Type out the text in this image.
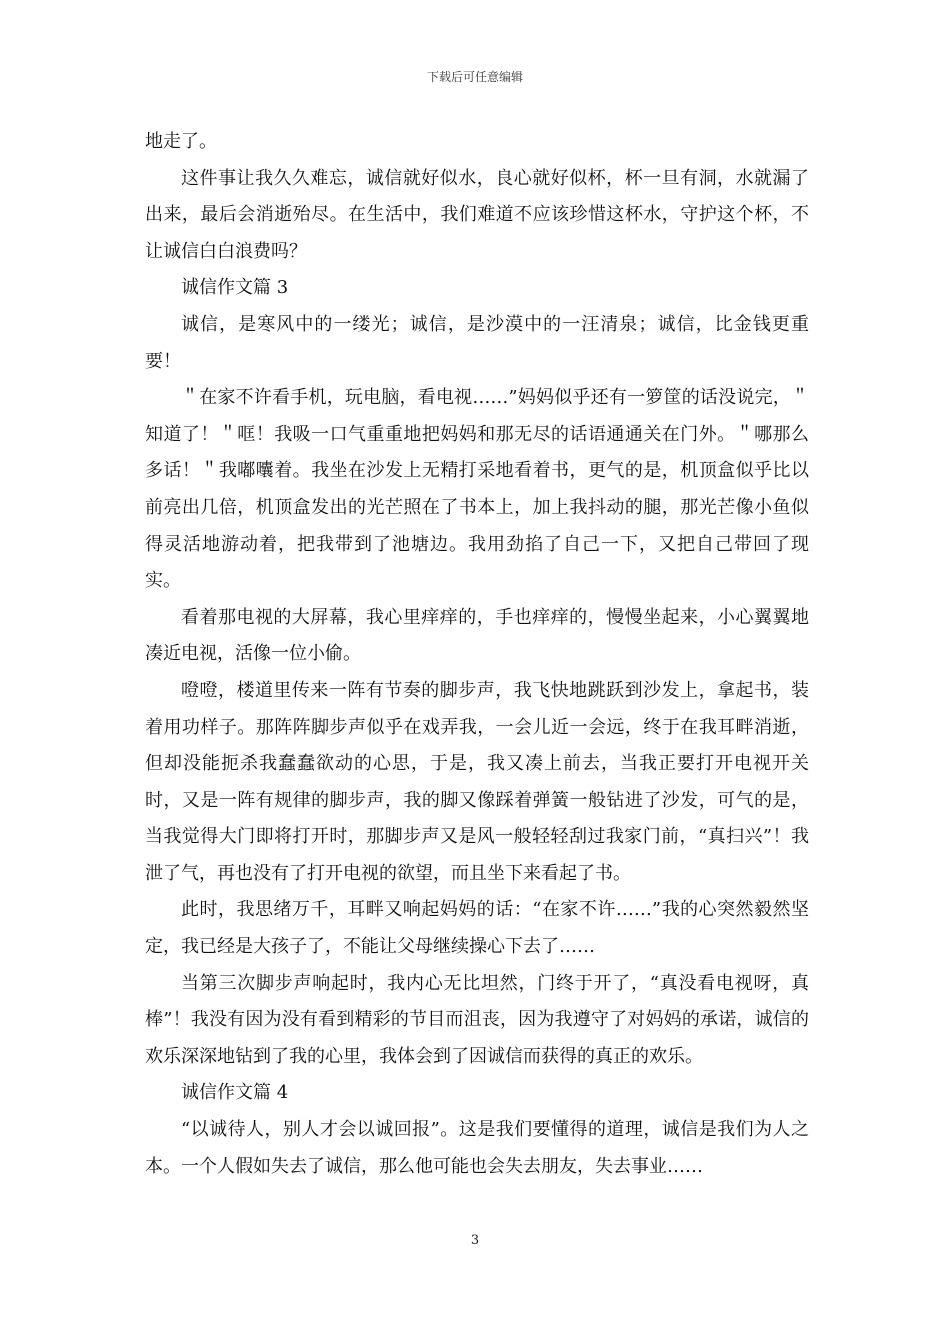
下载后可任意编辑

地走了。

这件事让我久久难忘，诚信就好似水，良心就好似杯，杯一旦有洞，水就漏了出来，最后会消逝殆尽。在生活中，我们难道不应该珍惜这杯水，守护这个杯，不让诚信白白浪费吗？

诚信作文篇 3

诚信，是寒风中的一缕光；诚信，是沙漠中的一汪清泉；诚信，比金钱更重要！

＂在家不许看手机，玩电脑，看电视……”妈妈似乎还有一箩筐的话没说完，＂知道了！＂哐！我吸一口气重重地把妈妈和那无尽的话语通通关在门外。＂哪那么多话！＂我嘟囔着。我坐在沙发上无精打采地看着书，更气的是，机顶盒似乎比以前亮出几倍，机顶盒发出的光芒照在了书本上，加上我抖动的腿，那光芒像小鱼似得灵活地游动着，把我带到了池塘边。我用劲掐了自己一下，又把自己带回了现实。

看着那电视的大屏幕，我心里痒痒的，手也痒痒的，慢慢坐起来，小心翼翼地凑近电视，活像一位小偷。

噔噔，楼道里传来一阵有节奏的脚步声，我飞快地跳跃到沙发上，拿起书，装着用功样子。那阵阵脚步声似乎在戏弄我，一会儿近一会远，终于在我耳畔消逝，但却没能扼杀我蠢蠢欲动的心思，于是，我又凑上前去，当我正要打开电视开关时，又是一阵有规律的脚步声，我的脚又像踩着弹簧一般钻进了沙发，可气的是，当我觉得大门即将打开时，那脚步声又是风一般轻轻刮过我家门前，“真扫兴”！我泄了气，再也没有了打开电视的欲望，而且坐下来看起了书。

此时，我思绪万千，耳畔又响起妈妈的话：“在家不许……”我的心突然毅然坚定，我已经是大孩子了，不能让父母继续操心下去了……

当第三次脚步声响起时，我内心无比坦然，门终于开了，“真没看电视呀，真棒”！我没有因为没有看到精彩的节目而沮丧，因为我遵守了对妈妈的承诺，诚信的欢乐深深地钻到了我的心里，我体会到了因诚信而获得的真正的欢乐。

诚信作文篇 4

“以诚待人，别人才会以诚回报”。这是我们要懂得的道理，诚信是我们为人之本。一个人假如失去了诚信，那么他可能也会失去朋友，失去事业……

3
